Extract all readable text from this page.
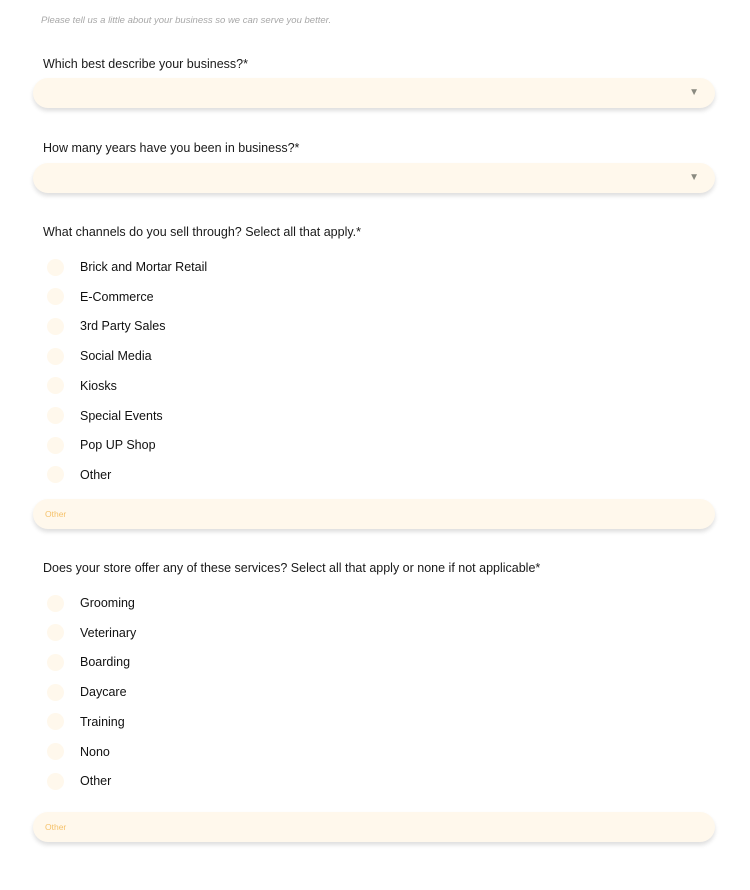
Please tell us a little about your business so we can serve you better.
Which best describe your business?*
▼
How many years have you been in business?*
▼
What channels do you sell through? Select all that apply.*
Brick and Mortar Retail
E-Commerce
3rd Party Sales
Social Media
Kiosks
Special Events
Pop UP Shop
Other
Other
Does your store offer any of these services? Select all that apply or none if not applicable*
Grooming
Veterinary
Boarding
Daycare
Training
Nono
Other
Other
